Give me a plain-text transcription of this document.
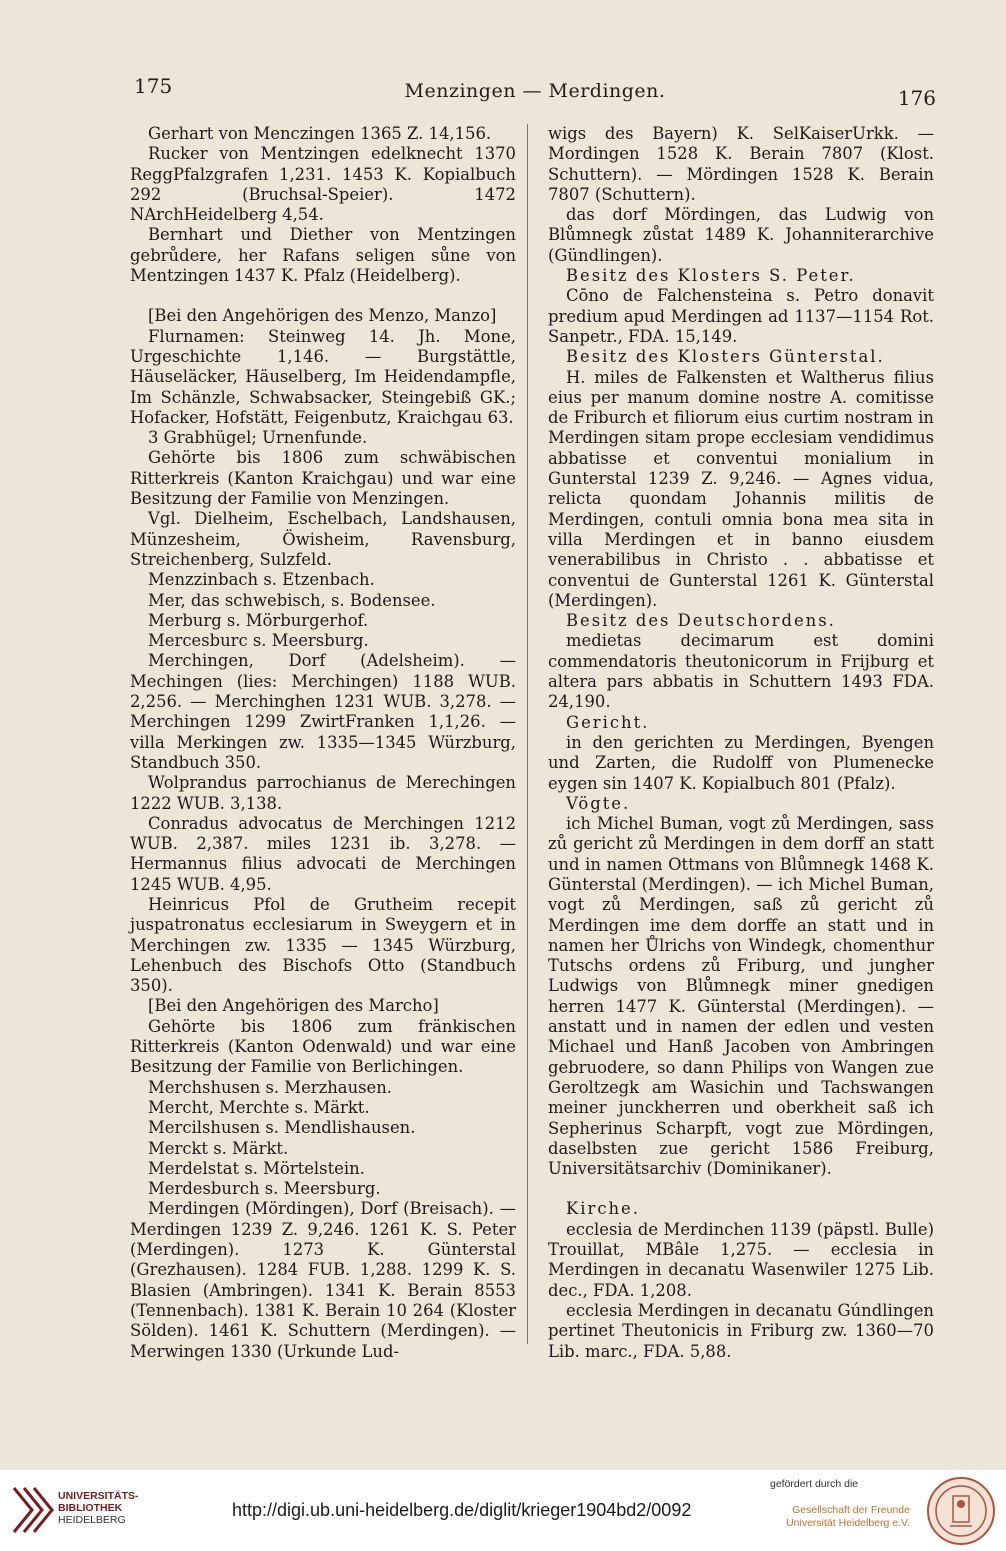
175	Menzingen — Merdingen.	176

Gerhart von Menczingen 1365 Z. 14,156.

Rucker von Mentzingen edelknecht 1370 ReggPfalzgrafen 1,231. 1453 K. Kopialbuch 292 (Bruchsal-Speier). 1472 NArchHeidelberg 4,54.

Bernhart und Diether von Mentzingen gebrůdere, her Rafans seligen sůne von Mentzingen 1437 K. Pfalz (Heidelberg).

[Bei den Angehörigen des Menzo, Manzo]

Flurnamen: Steinweg 14. Jh. Mone, Urgeschichte 1,146. — Burgstättle, Häuseläcker, Häuselberg, Im Heidendampfle, Im Schänzle, Schwabsacker, Steingebiß GK.; Hofacker, Hofstätt, Feigenbutz, Kraichgau 63.

3 Grabhügel; Urnenfunde.

Gehörte bis 1806 zum schwäbischen Ritterkreis (Kanton Kraichgau) und war eine Besitzung der Familie von Menzingen.

Vgl. Dielheim, Eschelbach, Landshausen, Münzesheim, Öwisheim, Ravensburg, Streichenberg, Sulzfeld.

Menzzinbach s. Etzenbach.

Mer, das schwebisch, s. Bodensee.

Merburg s. Mörburgerhof.

Mercesburc s. Meersburg.

Merchingen, Dorf (Adelsheim). — Mechingen (lies: Merchingen) 1188 WUB. 2,256. — Merchinghen 1231 WUB. 3,278. — Merchingen 1299 ZwirtFranken 1,1,26. — villa Merkingen zw. 1335—1345 Würzburg, Standbuch 350.

Wolprandus parrochianus de Merechingen 1222 WUB. 3,138.

Conradus advocatus de Merchingen 1212 WUB. 2,387. miles 1231 ib. 3,278. — Hermannus filius advocati de Merchingen 1245 WUB. 4,95.

Heinricus Pfol de Grutheim recepit juspatronatus ecclesiarum in Sweygern et in Merchingen zw. 1335 — 1345 Würzburg, Lehenbuch des Bischofs Otto (Standbuch 350).

[Bei den Angehörigen des Marcho]

Gehörte bis 1806 zum fränkischen Ritterkreis (Kanton Odenwald) und war eine Besitzung der Familie von Berlichingen.

Merchshusen s. Merzhausen.

Mercht, Merchte s. Märkt.

Mercilshusen s. Mendlishausen.

Merckt s. Märkt.

Merdelstat s. Mörtelstein.

Merdesburch s. Meersburg.

Merdingen (Mördingen), Dorf (Breisach). — Merdingen 1239 Z. 9,246. 1261 K. S. Peter (Merdingen). 1273 K. Günterstal (Grezhausen). 1284 FUB. 1,288. 1299 K. S. Blasien (Ambringen). 1341 K. Berain 8553 (Tennenbach). 1381 K. Berain 10 264 (Kloster Sölden). 1461 K. Schuttern (Merdingen). — Merwingen 1330 (Urkunde Lud-

wigs des Bayern) K. SelKaiserUrkk. — Mordingen 1528 K. Berain 7807 (Klost. Schuttern). — Mördingen 1528 K. Berain 7807 (Schuttern).

das dorf Mördingen, das Ludwig von Blůmnegk zůstat 1489 K. Johanniterarchive (Gündlingen).

Besitz des Klosters S. Peter.

Cōno de Falchensteina s. Petro donavit predium apud Merdingen ad 1137—1154 Rot. Sanpetr., FDA. 15,149.

Besitz des Klosters Günterstal.

H. miles de Falkensten et Waltherus filius eius per manum domine nostre A. comitisse de Friburch et filiorum eius curtim nostram in Merdingen sitam prope ecclesiam vendidimus abbatisse et conventui monialium in Gunterstal 1239 Z. 9,246. — Agnes vidua, relicta quondam Johannis militis de Merdingen, contuli omnia bona mea sita in villa Merdingen et in banno eiusdem venerabilibus in Christo . . abbatisse et conventui de Gunterstal 1261 K. Günterstal (Merdingen).

Besitz des Deutschordens.

medietas decimarum est domini commendatoris theutonicorum in Frijburg et altera pars abbatis in Schuttern 1493 FDA. 24,190.

Gericht.

in den gerichten zu Merdingen, Byengen und Zarten, die Rudolff von Plumenecke eygen sin 1407 K. Kopialbuch 801 (Pfalz).

Vögte.

ich Michel Buman, vogt zů Merdingen, sass zů gericht zů Merdingen in dem dorff an statt und in namen Ottmans von Blůmnegk 1468 K. Günterstal (Merdingen). — ich Michel Buman, vogt zů Merdingen, saß zů gericht zů Merdingen ime dem dorffe an statt und in namen her Ůlrichs von Windegk, chomenthur Tutschs ordens zů Friburg, und jungher Ludwigs von Blůmnegk miner gnedigen herren 1477 K. Günterstal (Merdingen). — anstatt und in namen der edlen und vesten Michael und Hanß Jacoben von Ambringen gebruodere, so dann Philips von Wangen zue Geroltzegk am Wasichin und Tachswangen meiner junckherren und oberkheit saß ich Sepherinus Scharpft, vogt zue Mördingen, daselbsten zue gericht 1586 Freiburg, Universitätsarchiv (Dominikaner).

Kirche.

ecclesia de Merdinchen 1139 (päpstl. Bulle) Trouillat, MBâle 1,275. — ecclesia in Merdingen in decanatu Wasenwiler 1275 Lib. dec., FDA. 1,208.

ecclesia Merdingen in decanatu Gúndlingen pertinet Theutonicis in Friburg zw. 1360—70 Lib. marc., FDA. 5,88.

UNIVERSITÄTS-
BIBLIOTHEK
HEIDELBERG	http://digi.ub.uni-heidelberg.de/diglit/krieger1904bd2/0092
gefördert durch die
Gesellschaft der Freunde
Universität Heidelberg e.V.
